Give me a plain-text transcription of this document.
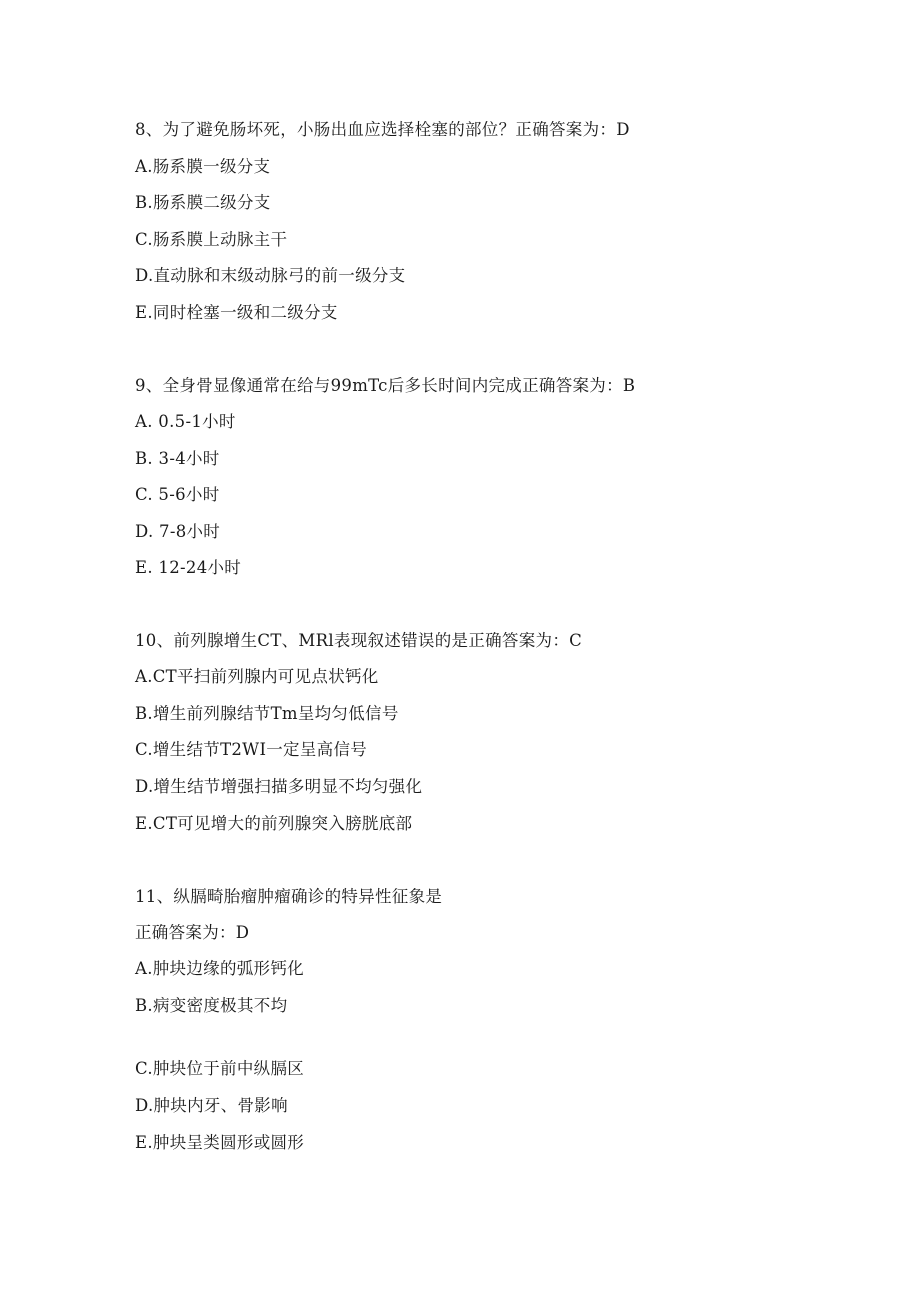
8、为了避免肠坏死，小肠出血应选择栓塞的部位？正确答案为：D
A.肠系膜一级分支
B.肠系膜二级分支
C.肠系膜上动脉主干
D.直动脉和末级动脉弓的前一级分支
E.同时栓塞一级和二级分支
9、全身骨显像通常在给与99mTc后多长时间内完成正确答案为：B
A. 0.5-1小时
B. 3-4小时
C. 5-6小时
D. 7-8小时
E. 12-24小时
10、前列腺增生CT、MRl表现叙述错误的是正确答案为：C
A.CT平扫前列腺内可见点状钙化
B.增生前列腺结节Tm呈均匀低信号
C.增生结节T2WI一定呈高信号
D.增生结节增强扫描多明显不均匀强化
E.CT可见增大的前列腺突入膀胱底部
11、纵膈畸胎瘤肿瘤确诊的特异性征象是
正确答案为：D
A.肿块边缘的弧形钙化
B.病变密度极其不均
C.肿块位于前中纵膈区
D.肿块内牙、骨影响
E.肿块呈类圆形或圆形
